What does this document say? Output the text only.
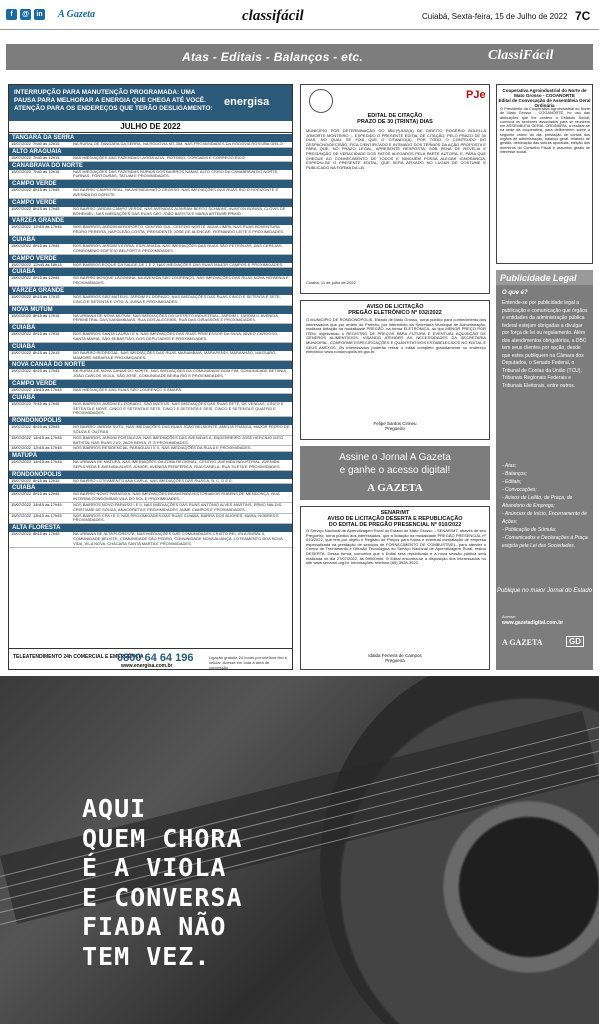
f	@	in A Gazeta	classifácil	Cuiabá, Sexta-feira, 15 de Julho de 2022 7C
Atas - Editais - Balanços - etc.	ClassiFácil
INTERRUPÇÃO PARA MANUTENÇÃO PROGRAMADA: UMA PAUSA PARA MELHORAR A ENERGIA QUE CHEGA ATÉ VOCÊ. ATENÇÃO PARA OS ENDEREÇOS QUE TERÃO DESLIGAMENTO:
energisa
JULHO DE 2022
TANGARÁ DA SERRA
15/07/2022 7h40 às 12h15	NA RURAL DE TANGARA DA SERRA, NA RODOVIA MT-358, NAS PROXIMIDADES DA RODOVIA ROSSINA GRILO.
ALTO ARAGUAIA
15/07/2022 7h40 às 12h15	NAS IMEDIAÇÕES DAS FAZENDAS LAGOA AZUL, ROTEIRO, COROADO E CORREGO RICO.
CANABRAVA DO NORTE
15/07/2022 7h40 às 12h15	NAS IMEDIAÇÕES DAS FAZENDAS RURAIS DOS BAIRROS NAMAÍ, ALTO CRISO DA CANABRAVA DO NORTE, FURNAS, FONTOURAS, TATUIM E PROXIMIDADES.
CAMPO VERDE
15/07/2022 8h15 às 17h45	NO BAIRRO CAMPO REAL, NA AVENIDA MATO GROSSO, NAS IMEDIAÇÕES DAS RUAS RIO D HORIZONTE E AVENIDA DO DORSTE.
CAMPO VERDE
15/07/2022 8h15 às 17h45	NO BAIRRO JARDIM CAMPO VERDE, NAS AVENIDAS ALMIRAM BERTO SCHWINT, AVINTON BONIVA, CLÓVIS DE BOHEMIEL, NAS IMEDIAÇÕES DAS RUAS SÃO JOÃO BATISTA E MARIA ARTEMIR PRIMO.
VÁRZEA GRANDE
15/07/2022 12h15 às 17h45	NOS BAIRROS JARDIM AEROPORTO, CENTRO SUL, CENTRO NORTE, AGUA LIMPA, NAS RUAS BOVENTURA PEDRO PEREIRA, NAPOLEÃO COSTA, PRESIDENTE JOSÉ DE ALENCAR, FERNANDO LEITE E PROXIMIDADES.
CUIABÁ
15/07/2022 8h15 às 17h45	NOS BAIRROS JARDIM VITÓRIA, ESPLANADA, NAS IMEDIAÇÕES DAS RUAS SÃO PETRÓLIAS, DAS CEREJAS, CONDOMÍNIO EDIFÍCIO BELFORT E PROXIMIDADES.
CAMPO VERDE
15/07/2022 12h45 às 18h15	NOS BAIRROS BOQUE DA SAUDE DE 1 E 2, NAS IMEDIAÇÕES DAS RUAS MAJOR CAMPOS E PROXIMIDADES.
CUIABÁ
15/07/2022 8h15 às 12h45	NO BAIRRO BOSQUE LAGOINHA, NA AVENIDA SÃO LOURENÇO, NAS IMEDIAÇÕES DAS RUAS NOVA HERMÍNIA E PROXIMIDADES.
VÁRZEA GRANDE
15/07/2022 8h15 às 17h15	NOS BAIRROS SÃO MATEUS, JARDIM EL DORADO, NAS IMEDIAÇÕES DAS RUAS CINCO E SETENTA E SETE, CINCO E SETENTA E OITO, A, JUÍNA E PROXIMIDADES.
NOVA MUTUM
15/07/2022 8h15 às 17h15	NA URBANA DE NOVA MUTUM, NAS IMEDIAÇÕES DO DISTRITO INDUSTRIAL, JARDIM I, JARDIM II, AVENIDA PERIMETRAL DAS SAMAMBAIAS, RUA DOS ALECRINS, RUA DAS GIRASSOIS E PROXIMIDADES.
CUIABÁ
15/07/2022 8h15 às 17h15	NOS BAIRROS SANTA LAURA I E II, NAS IMEDIAÇÕES DAS RUAS PROFESSOR DA SILVA, NÍVEO CARDOSO, SANTA MARIA, SÃO SEBASTIÃO, DOS DEPUTADOS E PROXIMIDADES.
CUIABÁ
15/07/2022 8h15 às 12h15	NO BAIRRO PEDREGAL, NAS IMEDIAÇÕES DAS RUAS MARAMBAIA, MARAPENDI, MARANHÃO, MASSARÓ, MAMORÉ, MIRAIRA E PROXIMIDADES.
NOVA CANAÃ DO NORTE
15/07/2022 8h15 às 17h45	NA RURAL DE NOVA CANAÃ DO NORTE, NAS IMEDIAÇÕES DA COMUNIDADE BOM FIM, COMUNIDADE BETÂNIA, JOÃO CARLOS VIOLA, SÃO JOSÉ, COMUNIDADE BEIRA RIO E PROXIMIDADES.
CAMPO VERDE
15/07/2022 13h15 às 17h45	NAS IMEDIAÇÕES DAS RUAS SÃO LOURENÇO E AMAPÁ.
CUIABÁ
15/07/2022 7h15 às 17h45	NOS BAIRROS JARDIM EL DORADO, SÃO MATEUS, NAS IMEDIAÇÕES DAS RUAS SETE, DE VENDAS, CINCO E SETENTA E NOVE, CINCO E SETENTA E SETE, CINCO E SETENTA E SEIS, CINCO E SETENTA E QUATRO E PROXIMIDADES.
RONDONÓPOLIS
15/07/2022 8h15 às 12h45	NO BAIRRO JARDIM SUTIL, NAS IMEDIAÇÕES DAS RUAS JOÃO BELMONTE, AMELIA FRANCA, MAJOR PEDRO DE SOUZA E OUTRAS.
15/07/2022 14h15 às 17h45	NOS BAIRROS JARDIM FORTALEZA, NAS IMEDIAÇÕES DAS AVENIDAS A, ENGENHEIRO JOSÉ HERCÍLIO MITO BATISTA, NAS RUAS 21/2, 26/29 BEIRA, R. E PROXIMIDADES.
15/07/2022 12h15 às 17h45	NOS BAIRROS RESIDENCIAL PARAGUAI I E II, NAS IMEDIAÇÕES DA RUA A E PROXIMIDADES.
MATUPÁ
15/07/2022 14h15 às 17h45	NA URBANA DE MATUPÁ, NAS IMEDIAÇÕES DA ZONA REGIONAL, CENTRO, AVENIDA INDUSTRIAL, AVENIDA SEPULVEDA E AVENIDA ALVES JÚNIOR, AVENIDA PERIFÉRICA, RUA CANELA, RUA TILETA E PROXIMIDADES.
RONDONÓPOLIS
15/07/2022 8h15 às 12h15	NO BAIRRO LOTEAMENTO ANA CARLA, NAS IMEDIAÇÕES DAS RUAS A, B, C, D E E.
CUIABÁ
15/07/2022 8h15 às 12h45	NO BAIRRO NOVO PARAÍSO II, NAS IMEDIAÇÕES DA AVENIDA HISTORIADOR RUBENS DE MENDONÇA, RUA INTERNA CONDOMÍNIO VILA DO SOL E PROXIMIDADES.
15/07/2022 14h15 às 17h45	NOS BAIRROS NOVO PARAÍSO I E II, NAS IMEDIAÇÕES DAS RUAS ANTÔNIO ALVES MARTINS, ERMO NALDIS, CRISTIANE DE SOUZA, ANACORETA E PROXIMIDADES JAIME CAMPOS E PROXIMIDADES.
15/07/2022 13h15 às 17h45	NOS BAIRROS CPA I E II, NAS PROXIMIDADES DAS RUAS CUIABÁ, BARRA DOS BUGRES, MARA, NOBRES E PROXIMIDADES.
ALTA FLORESTA
15/07/2022 8h15 às 17h45	NA URBANA DE ALTA FLORESTA, NAS IMEDIAÇÕES DAS COMUNIDADES CRISTO REI, VILA RURAL II, COMUNIDADE BELVITE, COMUNIDADE SÃO PEDRO, COMUNIDADE NOVA ALIANÇA, LOTEAMENTO BOA NOVA VIDA, VILA NOVA, CHÁCARA SANTA MARTA E PROXIMIDADES.
TELEATENDIMENTO 24h COMERCIAL E EMERGÊNCIA
0800 64 64 196
www.energisa.com.br
Ligação gratuita 24 horas por telefone fixo e celular. Acesse em toda a área de concessão
PJe
EDITAL DE CITAÇÃO
PRAZO DE 30 (TRINTA) DIAS
MUNICÍPIO POR DETERMINAÇÃO DO MM.(ª)JUIZ(A) DE DIREITO ROGÉRIO BOLELLA JOMORTE MONTEIRO ... EXPEDIDO O PRESENTE EDITAL DE CITAÇÃO, PELO PRAZO DE 30 DIAS, NO QUAL SE FIXA QUE O CITANDO(A), POR TODO O CONTEÚDO DO DESPACHO/DECISÃO, FICA CIENTIFICADO E INTIMADO DOS TERMOS DA AÇÃO PROPOSTA E PARA QUE, NO PRAZO LEGAL, APRESENTE RESPOSTA, SOB PENA DE REVELIA E PRESUNÇÃO DE VERACIDADE DOS FATOS ALEGADOS PELA PARTE AUTORA. E, PARA QUE CHEGUE AO CONHECIMENTO DE TODOS E NINGUÉM POSSA ALEGAR IGNORÂNCIA, EXPEDIU-SE O PRESENTE EDITAL, QUE SERÁ AFIXADO NO LUGAR DE COSTUME E PUBLICADO NA FORMA DA LEI.
Cuiabá, 11 de julho de 2022
AVISO DE LICITAÇÃO
PREGÃO ELETRÔNICO Nº 032/2022
O MUNICÍPIO DE RONDONÓPOLIS, Estado de Mato Grosso, torna público para conhecimento dos interessados que por ordem do Prefeito, por intermédio da Secretaria Municipal de Administração, realizará licitação na modalidade PREGÃO, na forma ELETRÔNICA, do tipo MENOR PREÇO POR ITEM, objetivando o REGISTRO DE PREÇOS PARA FUTURA E EVENTUAL AQUISIÇÃO DE GÊNEROS ALIMENTÍCIOS, VISANDO ATENDER ÀS NECESSIDADES DA SECRETARIA MUNICIPAL, CONFORME ESPECIFICAÇÕES E QUANTITATIVOS ESTABELECIDOS NO EDITAL E SEUS ANEXOS. Os interessados poderão retirar o edital completo gratuitamente no endereço eletrônico www.rondonopolis.mt.gov.br.
Felipe Santos Cirineu
Pregoeiro
Assine o Jornal A Gazeta
e ganhe o acesso digital!
A GAZETA
SENAR/MT
AVISO DE LICITAÇÃO DESERTA E REPUBLICAÇÃO
DO EDITAL DE PREGÃO PRESENCIAL Nº 010/2022
O Serviço Nacional de Aprendizagem Rural do Estado de Mato Grosso – SENAR/MT, através de seu Pregoeiro, torna público aos interessados, que a licitação na modalidade PREGÃO PRESENCIAL nº 010/2022, que tem por objeto o Registro de Preços para futura e eventual contratação de empresa especializada na prestação de serviços de FORNECIMENTO DE COMBUSTÍVEL, para atender o Centro de Treinamento e Difusão Tecnológica do Serviço Nacional de Aprendizagem Rural, restou DESERTA. Dessa forma, comunica que o Edital será republicado e a nova sessão pública será realizada no dia 27/07/2022, às 09h00min. O Edital encontra-se à disposição dos interessados no site www.senarmt.org.br. Informações: telefone (65) 3928-3020.
Idalda Ferreira de Campos
Pregoeira
Cooperativa Agroindustrial do Norte de Mato Grosso - COOANORTE
Edital de Convocação de Assembleia Geral Ordinária
O Presidente da Cooperativa Agroindustrial do Norte de Mato Grosso - COOANORTE, no uso das atribuições que lhe confere o Estatuto Social, convoca os senhores associados para se reunirem em ASSEMBLEIA GERAL ORDINÁRIA, a realizar-se na sede da cooperativa, para deliberarem sobre a seguinte ordem do dia: prestação de contas dos órgãos de administração, balanço geral, relatório de gestão, destinação das sobras apuradas, eleição dos membros do Conselho Fiscal e assuntos gerais de interesse social.
Publicidade Legal
O que é?
Entende-se por publicidade legal a publicação e comunicação que órgãos e entidades da administração pública federal estejam obrigadas a divulgar por força de lei ou regulamento. Além dos atendimentos obrigatórios, a DBC tem seus clientes por opção, desde que estes publiquem na Câmara dos Deputados, o Senado Federal, o Tribunal de Contas da União (TCU), Tribunais Regionais Federais e Tribunais Eleitorais, entre outros.
- Atas;
- Balanços;
- Editais;
- Convocações;
- Avisos de Leilão, de Praça, de Abandono de Emprego;
- Anúncios de Início, Encerramento de Ações;
- Publicação de Súmula;
- Comunicados e Declarações à Praça exigida pela Lei das Sociedades.
Publique no maior Jornal do Estado
Acesse:
www.gazetadigital.com.br
A GAZETA	GD
AQUI
QUEM CHORA
É A VIOLA
E CONVERSA
FIADA NÃO
TEM VEZ.
